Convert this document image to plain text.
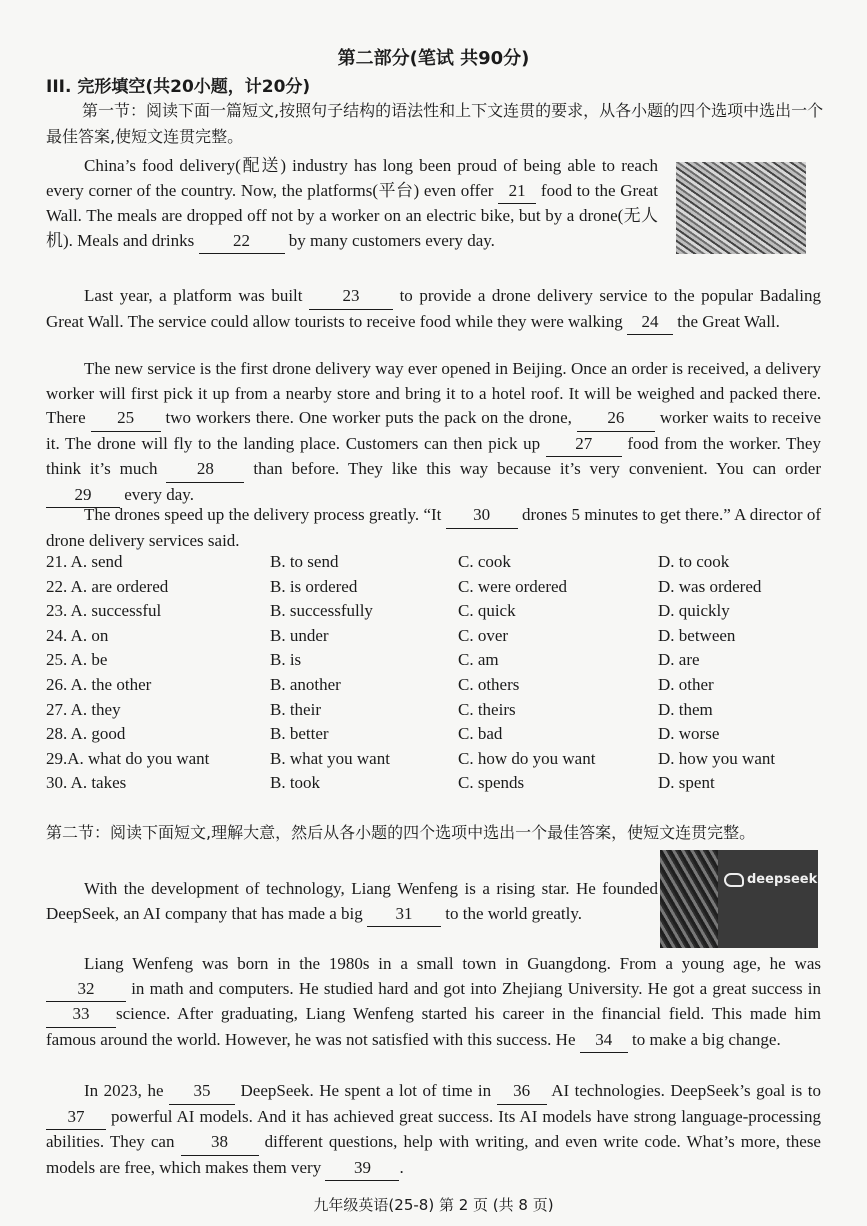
第二部分(笔试 共90分)
III. 完形填空(共20小题，计20分)

第一节：阅读下面一篇短文,按照句子结构的语法性和上下文连贯的要求，从各小题的四个选项中选出一个最佳答案,使短文连贯完整。

China’s food delivery(配送) industry has long been proud of being able to reach every corner of the country. Now, the platforms(平台) even offer 21 food to the Great Wall. The meals are dropped off not by a worker on an electric bike, but by a drone(无人机). Meals and drinks 22 by many customers every day.

Last year, a platform was built 23 to provide a drone delivery service to the popular Badaling Great Wall. The service could allow tourists to receive food while they were walking 24 the Great Wall.

The new service is the first drone delivery way ever opened in Beijing. Once an order is received, a delivery worker will first pick it up from a nearby store and bring it to a hotel roof. It will be weighed and packed there. There 25 two workers there. One worker puts the pack on the drone, 26 worker waits to receive it. The drone will fly to the landing place. Customers can then pick up 27 food from the worker. They think it’s much 28 than before. They like this way because it’s very convenient. You can order 29 every day.

The drones speed up the delivery process greatly. “It 30 drones 5 minutes to get there.” A director of drone delivery services said.

21. A. send	B. to send	C. cook	D. to cook
22. A. are ordered	B. is ordered	C. were ordered	D. was ordered
23. A. successful	B. successfully	C. quick	D. quickly
24. A. on	B. under	C. over	D. between
25. A. be	B. is	C. am	D. are
26. A. the other	B. another	C. others	D. other
27. A. they	B. their	C. theirs	D. them
28. A. good	B. better	C. bad	D. worse
29.A. what do you want	B. what you want	C. how do you want	D. how you want
30. A. takes	B. took	C. spends	D. spent

第二节：阅读下面短文,理解大意，然后从各小题的四个选项中选出一个最佳答案，使短文连贯完整。

deepseek

With the development of technology, Liang Wenfeng is a rising star. He founded DeepSeek, an AI company that has made a big 31 to the world greatly.

Liang Wenfeng was born in the 1980s in a small town in Guangdong. From a young age, he was 32 in math and computers. He studied hard and got into Zhejiang University. He got a great success in 33 science. After graduating, Liang Wenfeng started his career in the financial field. This made him famous around the world. However, he was not satisfied with this success. He 34 to make a big change.

In 2023, he 35 DeepSeek. He spent a lot of time in 36 AI technologies. DeepSeek’s goal is to 37 powerful AI models. And it has achieved great success. Its AI models have strong language-processing abilities. They can 38 different questions, help with writing, and even write code. What’s more, these models are free, which makes them very 39 .

九年级英语(25-8) 第 2 页 (共 8 页)
